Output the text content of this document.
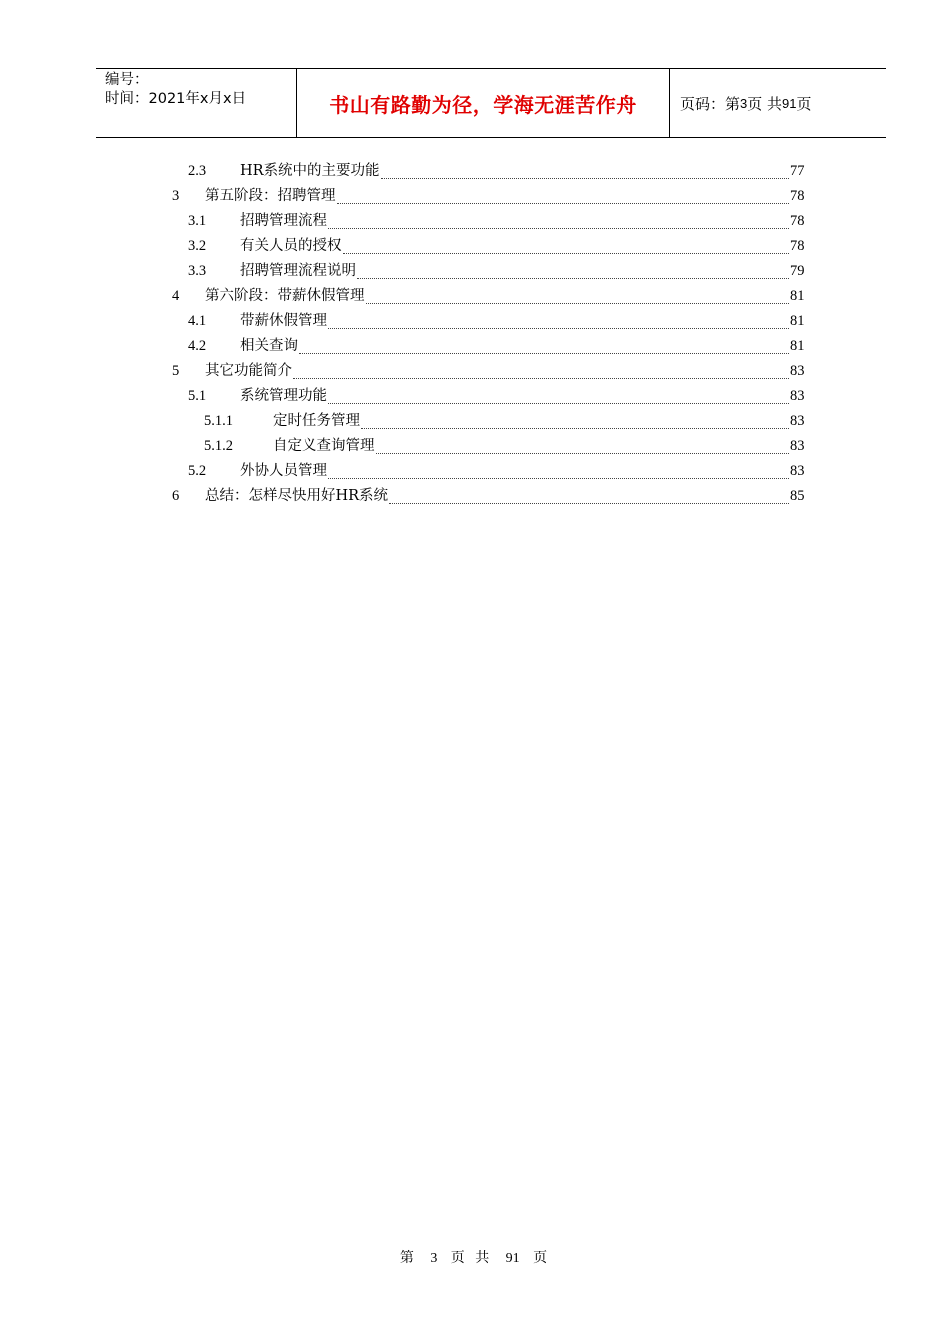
编号：
时间：2021年x月x日	书山有路勤为径，学海无涯苦作舟	页码：第 3 页 共 91 页
2.3 HR系统中的主要功能	77
3 第五阶段：招聘管理	78
3.1 招聘管理流程	78
3.2 有关人员的授权	78
3.3 招聘管理流程说明	79
4 第六阶段：带薪休假管理	81
4.1 带薪休假管理	81
4.2 相关查询	81
5 其它功能简介	83
5.1 系统管理功能	83
5.1.1	定时任务管理	83
5.1.2	自定义查询管理	83
5.2 外协人员管理	83
6 总结：怎样尽快用好HR系统	85
第 3 页 共 91 页
